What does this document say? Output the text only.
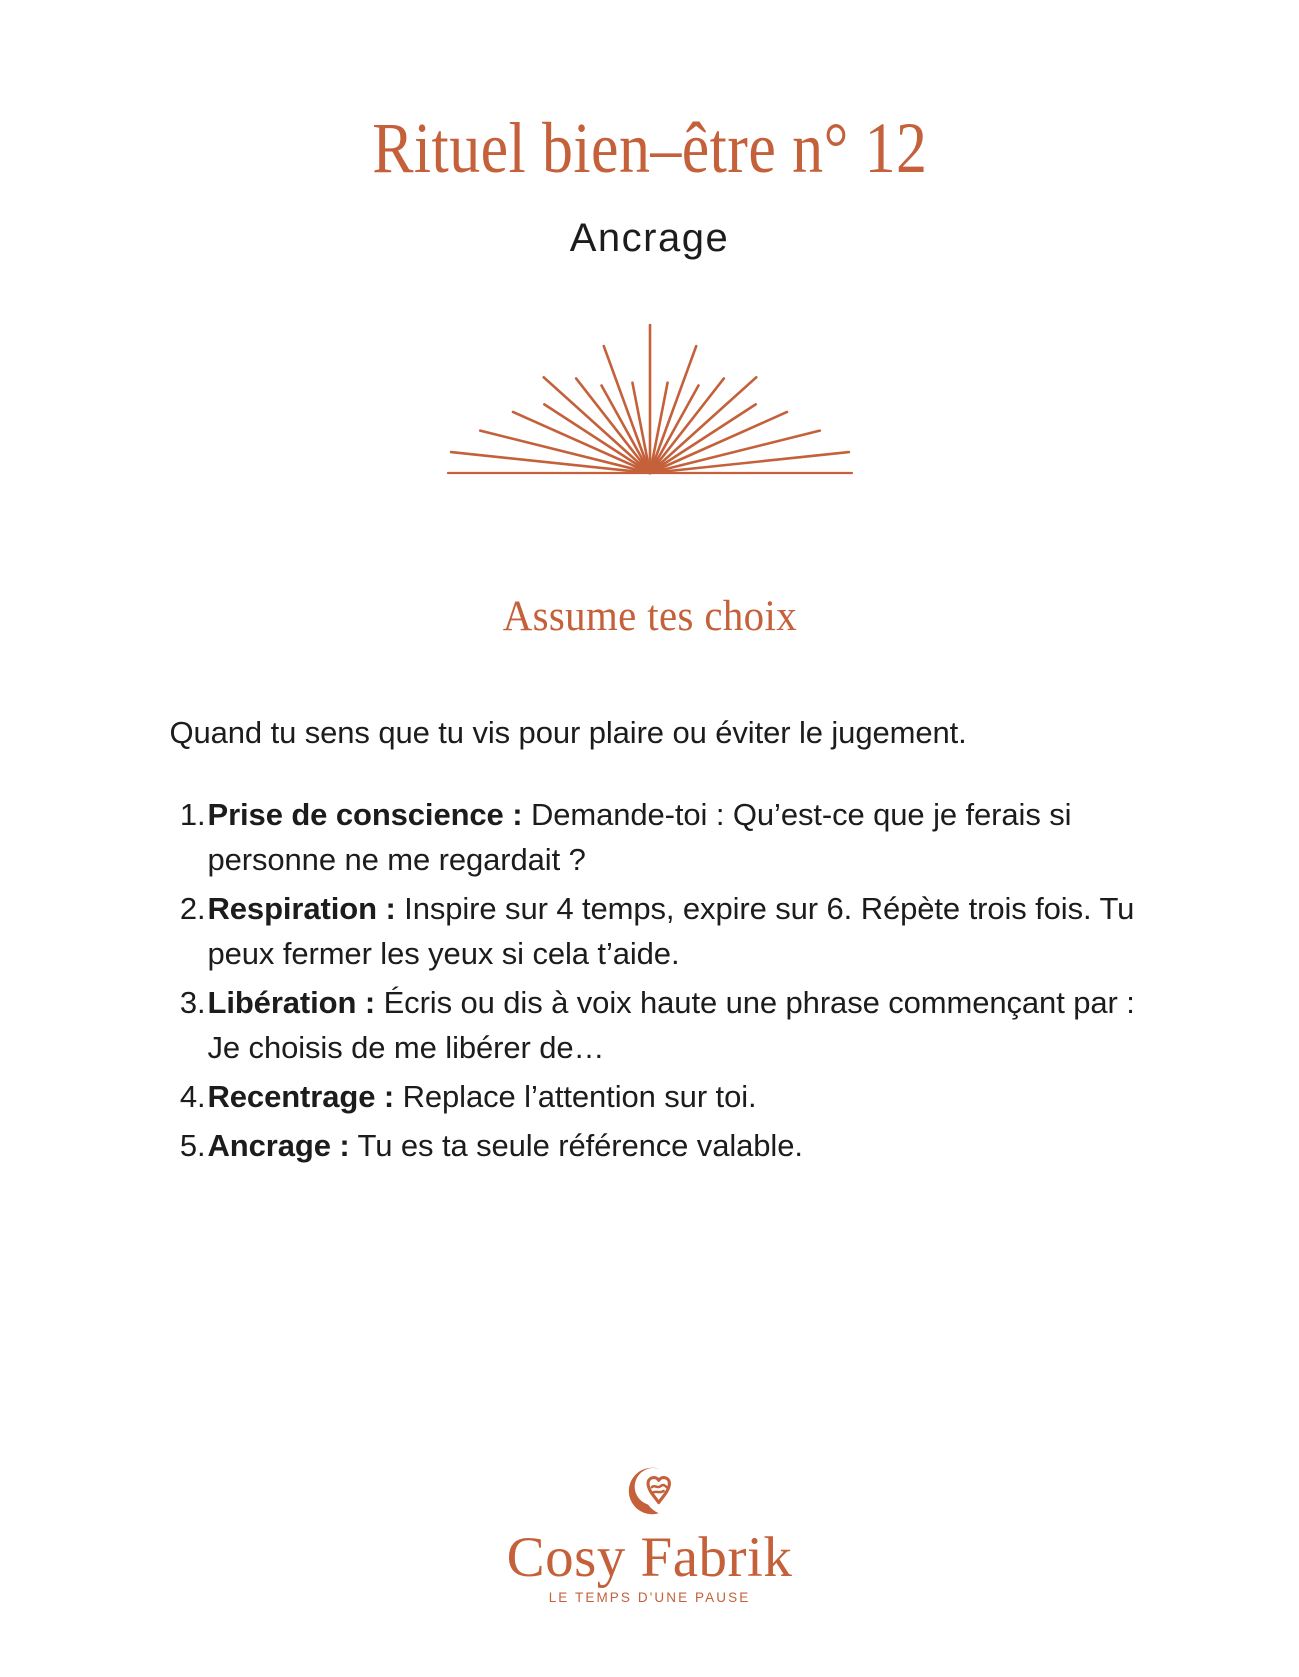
Rituel bien–être n° 12
Ancrage
Assume tes choix

Quand tu sens que tu vis pour plaire ou éviter le jugement.

Prise de conscience : Demande-toi : Qu’est-ce que je ferais si personne ne me regardait ?
Respiration : Inspire sur 4 temps, expire sur 6. Répète trois fois. Tu peux fermer les yeux si cela t’aide.
Libération : Écris ou dis à voix haute une phrase commençant par : Je choisis de me libérer de…
Recentrage : Replace l’attention sur toi.
Ancrage : Tu es ta seule référence valable.
Cosy Fabrik
LE TEMPS D'UNE PAUSE
